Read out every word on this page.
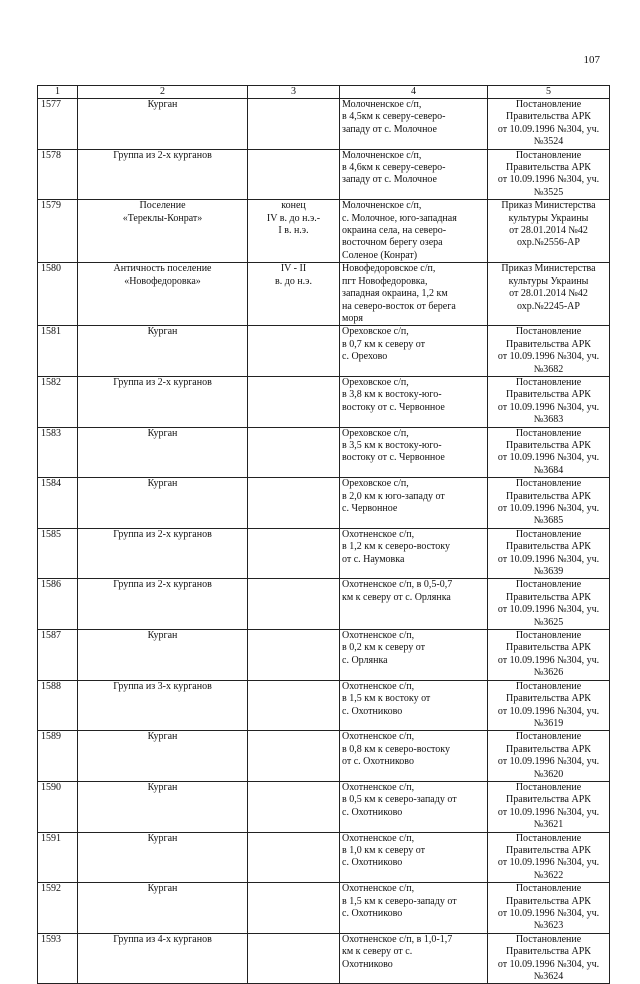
107
1	2	3	4	5
1577	Курган		Молочненское с/п,
в 4,5км к северу-северо-
западу от с. Молочное	Постановление
Правительства АРК
от 10.09.1996 №304, уч.№3524
1578	Группа из 2-х курганов		Молочненское с/п,
в 4,6км к северу-северо-
западу от с. Молочное	Постановление
Правительства АРК
от 10.09.1996 №304, уч.№3525
1579	Поселение
«Тереклы-Конрат»	конец
IV в. до н.э.-
I в. н.э.	Молочненское с/п,
с. Молочное, юго-западная
окраина села, на северо-
восточном берегу озера
Соленое (Конрат)	Приказ Министерства
культуры Украины
от 28.01.2014 №42
охр.№2556-АР
1580	Античность поселение
«Новофедоровка»	IV - II
в. до н.э.	Новофедоровское с/п,
пгт Новофедоровка,
западная окраина, 1,2 км
на северо-восток от берега
моря	Приказ Министерства
культуры Украины
от 28.01.2014 №42
охр.№2245-АР
1581	Курган		Ореховское с/п,
в 0,7 км к северу от
с. Орехово	Постановление
Правительства АРК
от 10.09.1996 №304, уч.№3682
1582	Группа из 2-х курганов		Ореховское с/п,
в 3,8 км к востоку-юго-
востоку от с. Червонное	Постановление
Правительства АРК
от 10.09.1996 №304, уч.№3683
1583	Курган		Ореховское с/п,
в 3,5 км к востоку-юго-
востоку от с. Червонное	Постановление
Правительства АРК
от 10.09.1996 №304, уч.№3684
1584	Курган		Ореховское с/п,
в 2,0 км к юго-западу от
с. Червонное	Постановление
Правительства АРК
от 10.09.1996 №304, уч.№3685
1585	Группа из 2-х курганов		Охотненское с/п,
в 1,2 км к северо-востоку
от с. Наумовка	Постановление
Правительства АРК
от 10.09.1996 №304, уч.№3639
1586	Группа из 2-х курганов		Охотненское с/п, в 0,5-0,7
км к северу от с. Орлянка	Постановление
Правительства АРК
от 10.09.1996 №304, уч.№3625
1587	Курган		Охотненское с/п,
в 0,2 км к северу от
с. Орлянка	Постановление
Правительства АРК
от 10.09.1996 №304, уч.№3626
1588	Группа из 3-х курганов		Охотненское с/п,
в 1,5 км к востоку от
с. Охотниково	Постановление
Правительства АРК
от 10.09.1996 №304, уч.№3619
1589	Курган		Охотненское с/п,
в 0,8 км к северо-востоку
от с. Охотниково	Постановление
Правительства АРК
от 10.09.1996 №304, уч.№3620
1590	Курган		Охотненское с/п,
в 0,5 км к северо-западу от
с. Охотниково	Постановление
Правительства АРК
от 10.09.1996 №304, уч.№3621
1591	Курган		Охотненское с/п,
в 1,0 км к северу от
с. Охотниково	Постановление
Правительства АРК
от 10.09.1996 №304, уч.№3622
1592	Курган		Охотненское с/п,
в 1,5 км к северо-западу от
с. Охотниково	Постановление
Правительства АРК
от 10.09.1996 №304, уч.№3623
1593	Группа из 4-х курганов		Охотненское с/п, в 1,0-1,7
км к северу от с.
Охотниково	Постановление
Правительства АРК
от 10.09.1996 №304, уч.№3624
